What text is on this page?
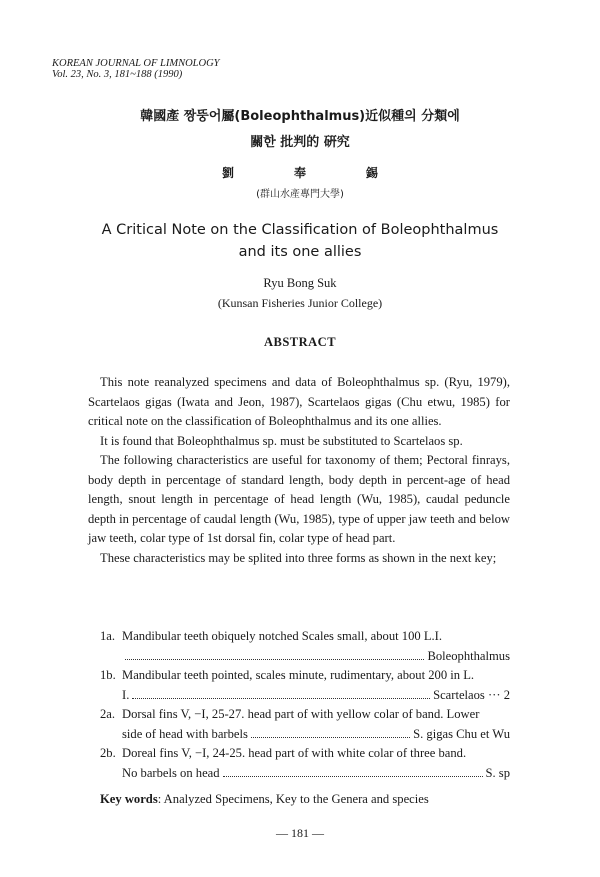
KOREAN JOURNAL OF LIMNOLOGY
Vol. 23, No. 3, 181~188 (1990)
韓國產 짱뚱어屬(Boleophthalmus)近似種의 分類에
關한 批判的 硏究
劉	奉	錫
(群山水產專門大學)
A Critical Note on the Classification of Boleophthalmus
and its one allies
Ryu Bong Suk
(Kunsan Fisheries Junior College)
ABSTRACT

This note reanalyzed specimens and data of Boleophthalmus sp. (Ryu, 1979), Scartelaos gigas (Iwata and Jeon, 1987), Scartelaos gigas (Chu etwu, 1985) for critical note on the classification of Boleophthalmus and its one allies.

It is found that Boleophthalmus sp. must be substituted to Scartelaos sp.

The following characteristics are useful for taxonomy of them; Pectoral finrays, body depth in percentage of standard length, body depth in percent-age of head length, snout length in percentage of head length (Wu, 1985), caudal peduncle depth in percentage of caudal length (Wu, 1985), type of upper jaw teeth and below jaw teeth, colar type of 1st dorsal fin, colar type of head part.

These characteristics may be splited into three forms as shown in the next key;

1a. Mandibular teeth obiquely notched Scales small, about 100 L.I.
Boleophthalmus
1b. Mandibular teeth pointed, scales minute, rudimentary, about 200 in L.
I.	Scartelaos ··· 2
2a. Dorsal fins V, −I, 25-27. head part of with yellow colar of band. Lower
side of head with barbels	S. gigas Chu et Wu
2b. Doreal fins V, −I, 24-25. head part of with white colar of three band.
No barbels on head	S. sp
Key words: Analyzed Specimens, Key to the Genera and species
— 181 —
